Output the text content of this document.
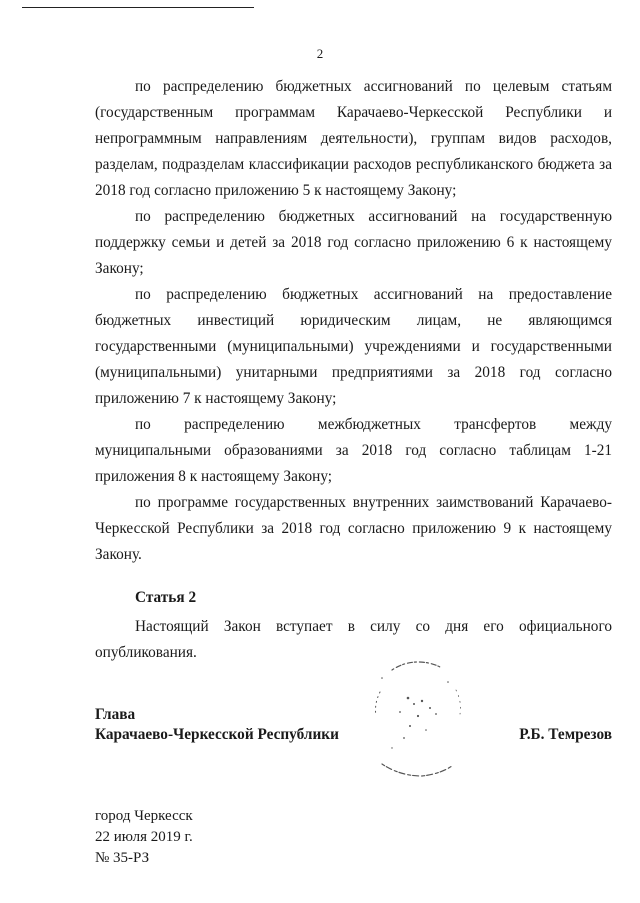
2

по распределению бюджетных ассигнований по целевым статьям (государственным программам Карачаево-Черкесской Республики и непрограммным направлениям деятельности), группам видов расходов, разделам, подразделам классификации расходов республиканского бюджета за 2018 год согласно приложению 5 к настоящему Закону;

по распределению бюджетных ассигнований на государственную поддержку семьи и детей за 2018 год согласно приложению 6 к настоящему Закону;

по распределению бюджетных ассигнований на предоставление бюджетных инвестиций юридическим лицам, не являющимся государственными (муниципальными) учреждениями и государственными (муниципальными) унитарными предприятиями за 2018 год согласно приложению 7 к настоящему Закону;

по распределению межбюджетных трансфертов между муниципальными образованиями за 2018 год согласно таблицам 1-21 приложения 8 к настоящему Закону;

по программе государственных внутренних заимствований Карачаево-Черкесской Республики за 2018 год согласно приложению 9 к настоящему Закону.

Статья 2

Настоящий Закон вступает в силу со дня его официального опубликования.

Глава
Карачаево-Черкесской Республики	Р.Б. Темрезов
город Черкесск
22 июля 2019 г.
№ 35-РЗ
